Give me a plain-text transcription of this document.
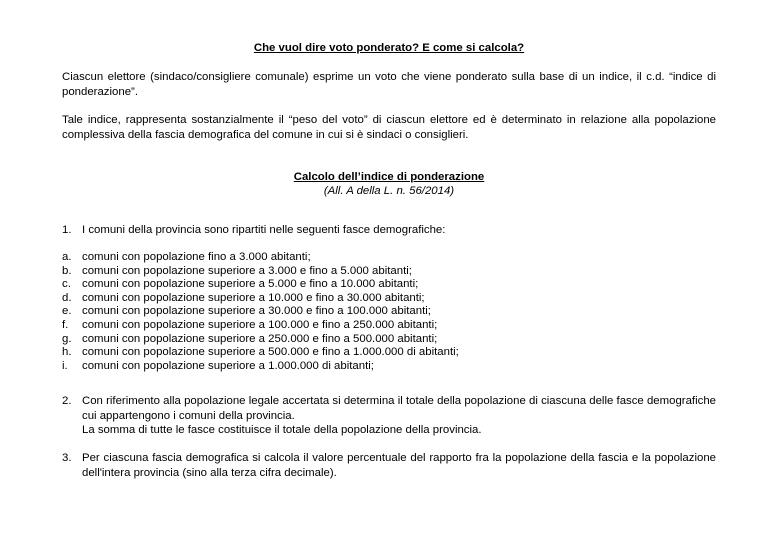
Che vuol dire voto ponderato? E come si calcola?
Ciascun elettore (sindaco/consigliere comunale) esprime un voto che viene ponderato sulla base di un indice, il c.d. “indice di ponderazione”.
Tale indice, rappresenta sostanzialmente il “peso del voto” di ciascun elettore ed è determinato in relazione alla popolazione complessiva della fascia demografica del comune in cui si è sindaci o consiglieri.
Calcolo dell’indice di ponderazione
(All. A della L. n. 56/2014)
1. I comuni della provincia sono ripartiti nelle seguenti fasce demografiche:
a. comuni con popolazione fino a 3.000 abitanti;
b. comuni con popolazione superiore a 3.000 e fino a 5.000 abitanti;
c. comuni con popolazione superiore a 5.000 e fino a 10.000 abitanti;
d. comuni con popolazione superiore a 10.000 e fino a 30.000 abitanti;
e. comuni con popolazione superiore a 30.000 e fino a 100.000 abitanti;
f. comuni con popolazione superiore a 100.000 e fino a 250.000 abitanti;
g. comuni con popolazione superiore a 250.000 e fino a 500.000 abitanti;
h. comuni con popolazione superiore a 500.000 e fino a 1.000.000 di abitanti;
i. comuni con popolazione superiore a 1.000.000 di abitanti;
2. Con riferimento alla popolazione legale accertata si determina il totale della popolazione di ciascuna delle fasce demografiche cui appartengono i comuni della provincia.
La somma di tutte le fasce costituisce il totale della popolazione della provincia.
3. Per ciascuna fascia demografica si calcola il valore percentuale del rapporto fra la popolazione della fascia e la popolazione dell'intera provincia (sino alla terza cifra decimale).
